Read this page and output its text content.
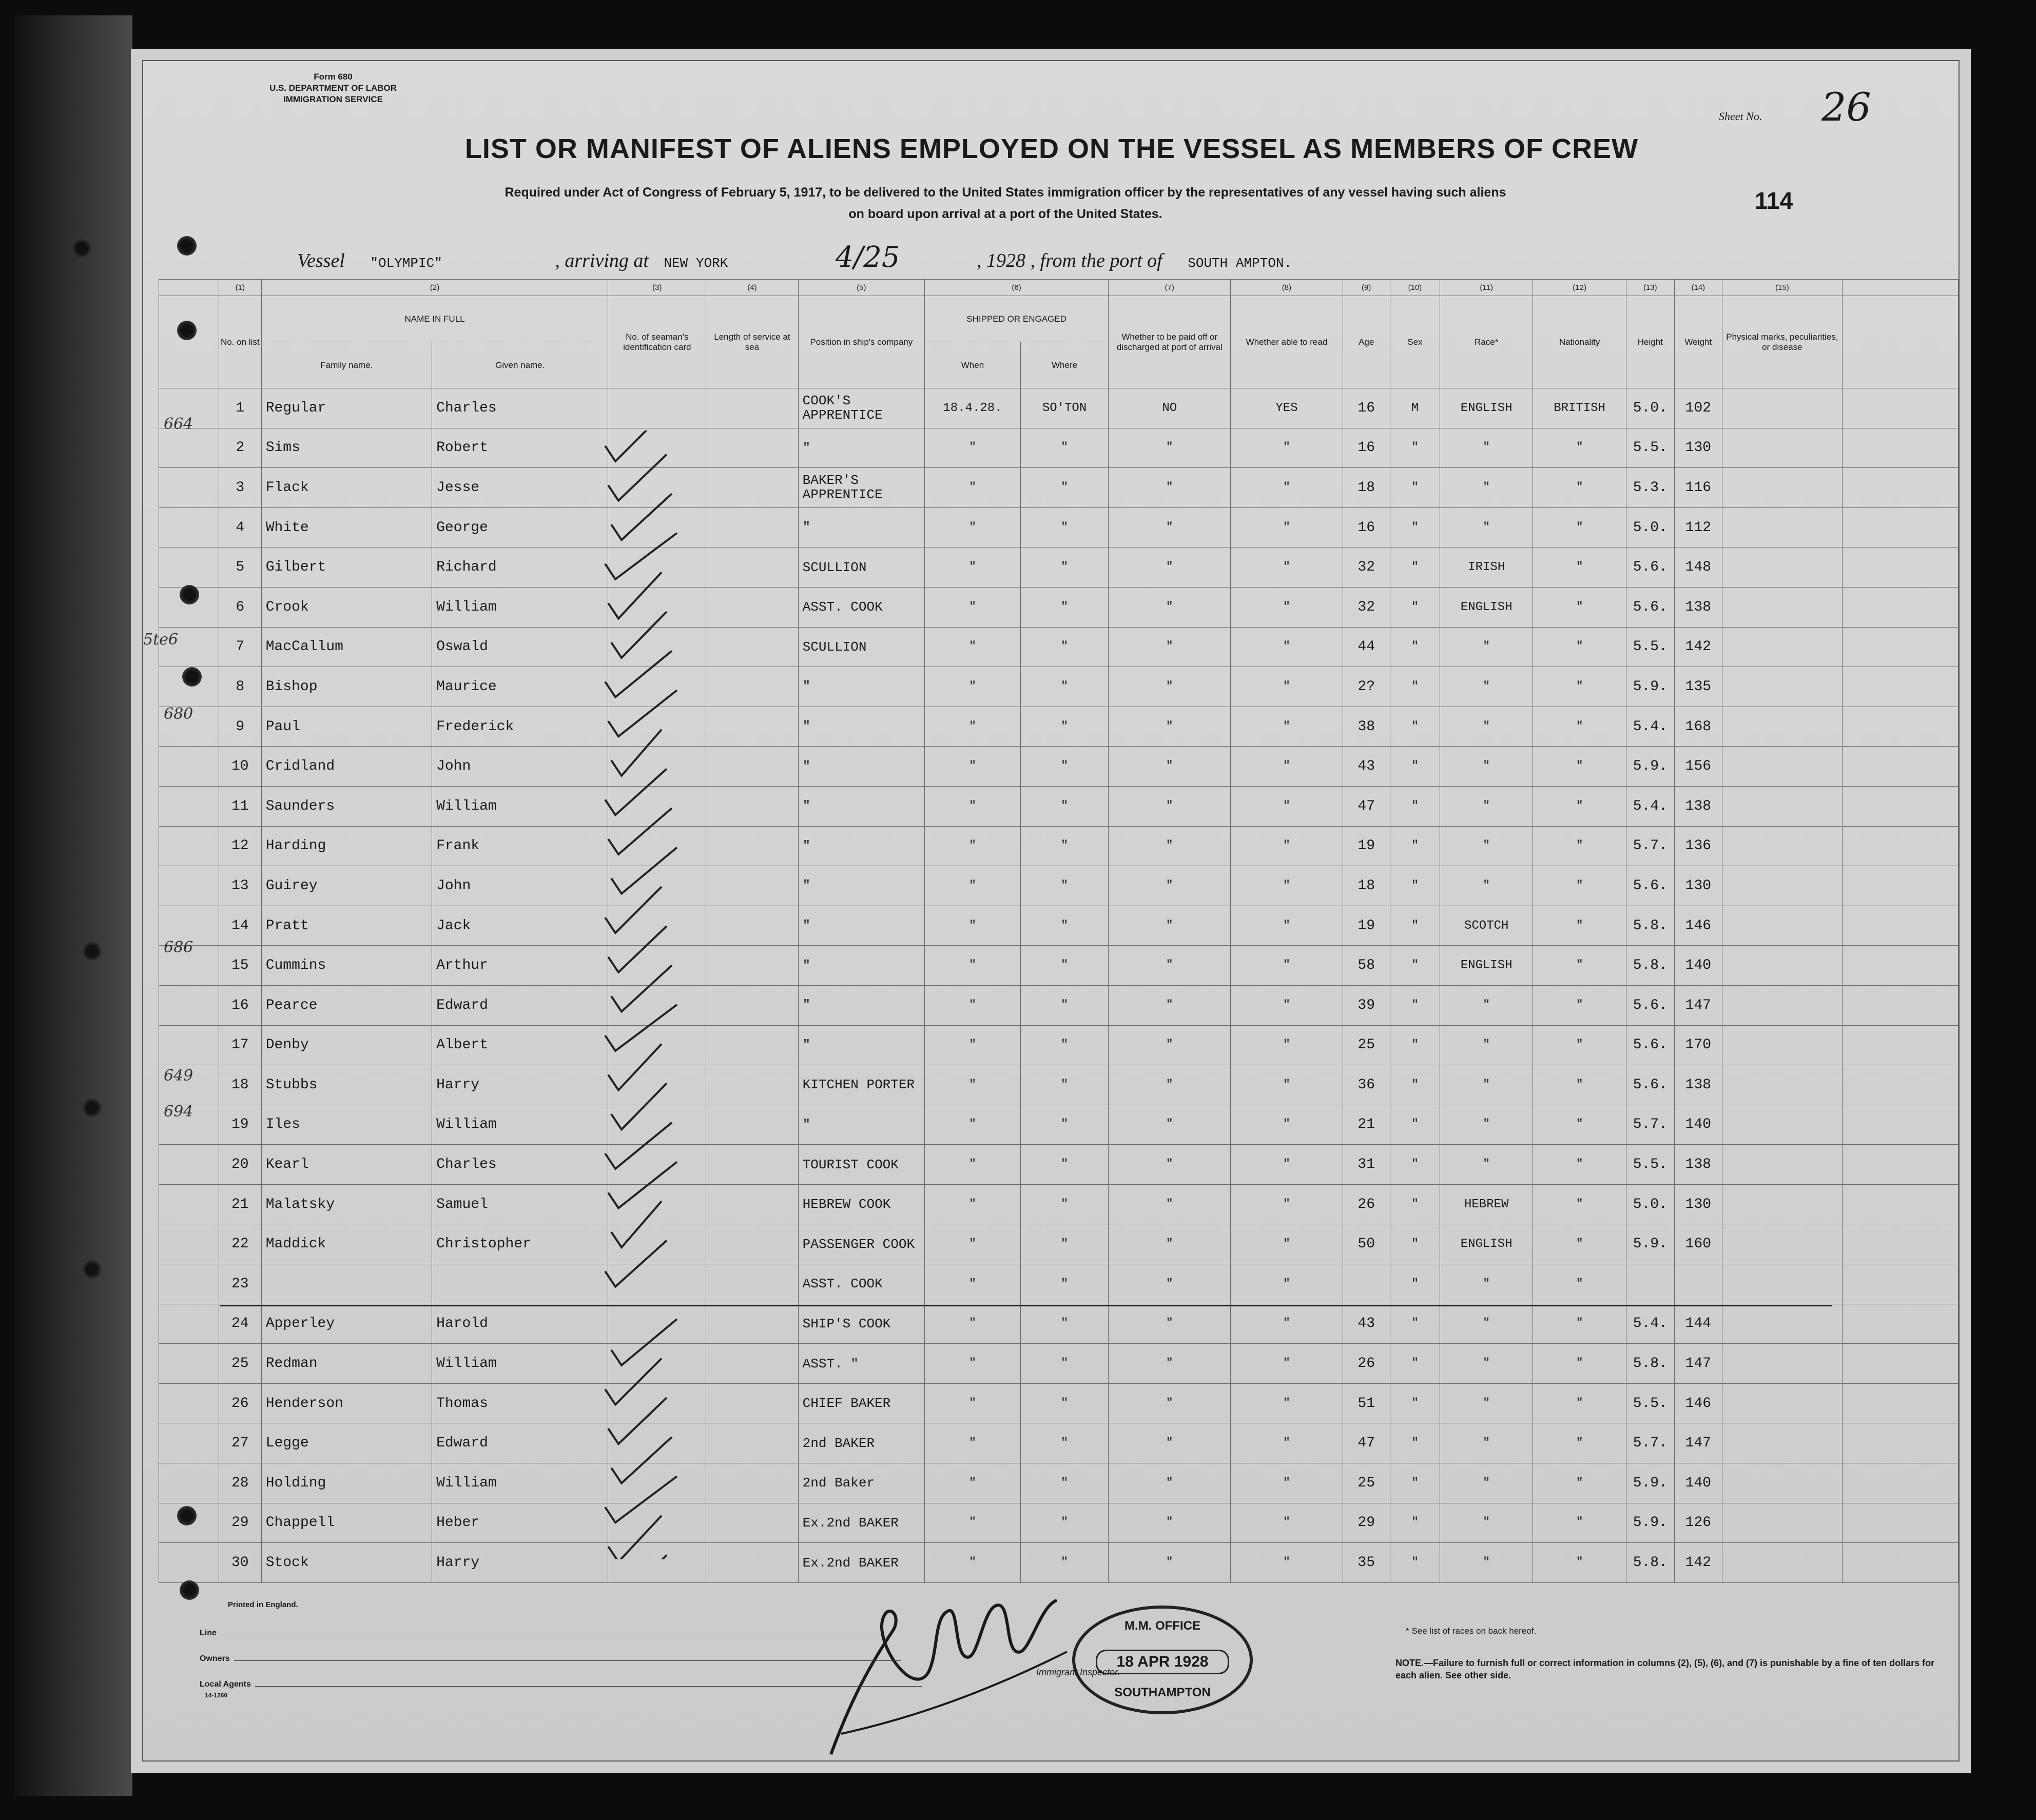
Form 680
U.S. DEPARTMENT OF LABOR
IMMIGRATION SERVICE
Sheet No. 26
LIST OR MANIFEST OF ALIENS EMPLOYED ON THE VESSEL AS MEMBERS OF CREW
Required under Act of Congress of February 5, 1917, to be delivered to the United States immigration officer by the representatives of any vessel having such aliens
on board upon arrival at a port of the United States.	114
Vessel "OLYMPIC"	, arriving at NEW YORK	4/25	, 1928 , from the port of SOUTH AMPTON.
	(1)	(2)		(3)	(4)	(5)	(6)		(7)	(8)	(9)	(10)	(11)	(12)	(13)	(14)	(15)	
	No. on list	NAME IN FULL		No. of seaman's identification card	Length of service at sea	Position in ship's company	SHIPPED OR ENGAGED		Whether to be paid off or discharged at port of arrival	Whether able to read	Age	Sex	Race*	Nationality	Height	Weight	Physical marks, peculiarities, or disease	
		Family name.	Given name.				When	Where										
	1	Regular	Charles			COOK'S APPRENTICE	18.4.28.	SO'TON	NO	YES	16	M	ENGLISH	BRITISH	5.0.	102		
	2	Sims	Robert			"	"	"	"	"	16	"	"	"	5.5.	130		
	3	Flack	Jesse			BAKER'S APPRENTICE	"	"	"	"	18	"	"	"	5.3.	116		
	4	White	George			"	"	"	"	"	16	"	"	"	5.0.	112		
	5	Gilbert	Richard			SCULLION	"	"	"	"	32	"	IRISH	"	5.6.	148		
	6	Crook	William			ASST. COOK	"	"	"	"	32	"	ENGLISH	"	5.6.	138		
	7	MacCallum	Oswald			SCULLION	"	"	"	"	44	"	"	"	5.5.	142		
	8	Bishop	Maurice			"	"	"	"	"	2?	"	"	"	5.9.	135		
	9	Paul	Frederick			"	"	"	"	"	38	"	"	"	5.4.	168		
	10	Cridland	John			"	"	"	"	"	43	"	"	"	5.9.	156		
	11	Saunders	William			"	"	"	"	"	47	"	"	"	5.4.	138		
	12	Harding	Frank			"	"	"	"	"	19	"	"	"	5.7.	136		
	13	Guirey	John			"	"	"	"	"	18	"	"	"	5.6.	130		
	14	Pratt	Jack			"	"	"	"	"	19	"	SCOTCH	"	5.8.	146		
	15	Cummins	Arthur			"	"	"	"	"	58	"	ENGLISH	"	5.8.	140		
	16	Pearce	Edward			"	"	"	"	"	39	"	"	"	5.6.	147		
	17	Denby	Albert			"	"	"	"	"	25	"	"	"	5.6.	170		
	18	Stubbs	Harry			KITCHEN PORTER	"	"	"	"	36	"	"	"	5.6.	138		
	19	Iles	William			"	"	"	"	"	21	"	"	"	5.7.	140		
	20	Kearl	Charles			TOURIST COOK	"	"	"	"	31	"	"	"	5.5.	138		
	21	Malatsky	Samuel			HEBREW COOK	"	"	"	"	26	"	HEBREW	"	5.0.	130		
	22	Maddick	Christopher			PASSENGER COOK	"	"	"	"	50	"	ENGLISH	"	5.9.	160		
	23					ASST. COOK	"	"	"	"		"	"	"				
	24	Apperley	Harold			SHIP'S COOK	"	"	"	"	43	"	"	"	5.4.	144		
	25	Redman	William			ASST. "	"	"	"	"	26	"	"	"	5.8.	147		
	26	Henderson	Thomas			CHIEF BAKER	"	"	"	"	51	"	"	"	5.5.	146		
	27	Legge	Edward			2nd BAKER	"	"	"	"	47	"	"	"	5.7.	147		
	28	Holding	William			2nd Baker	"	"	"	"	25	"	"	"	5.9.	140		
	29	Chappell	Heber			Ex.2nd BAKER	"	"	"	"	29	"	"	"	5.9.	126		
	30	Stock	Harry			Ex.2nd BAKER	"	"	"	"	35	"	"	"	5.8.	142		
664
5te6
680
686
649
694
M.M. OFFICE
18 APR 1928
SOUTHAMPTON
Printed in England.
Line
Owners
Local Agents
14-1260
Immigrant Inspector.
* See list of races on back hereof.
NOTE.—Failure to furnish full or correct information in columns (2), (5), (6), and (7) is punishable by a fine of ten dollars for each alien. See other side.
